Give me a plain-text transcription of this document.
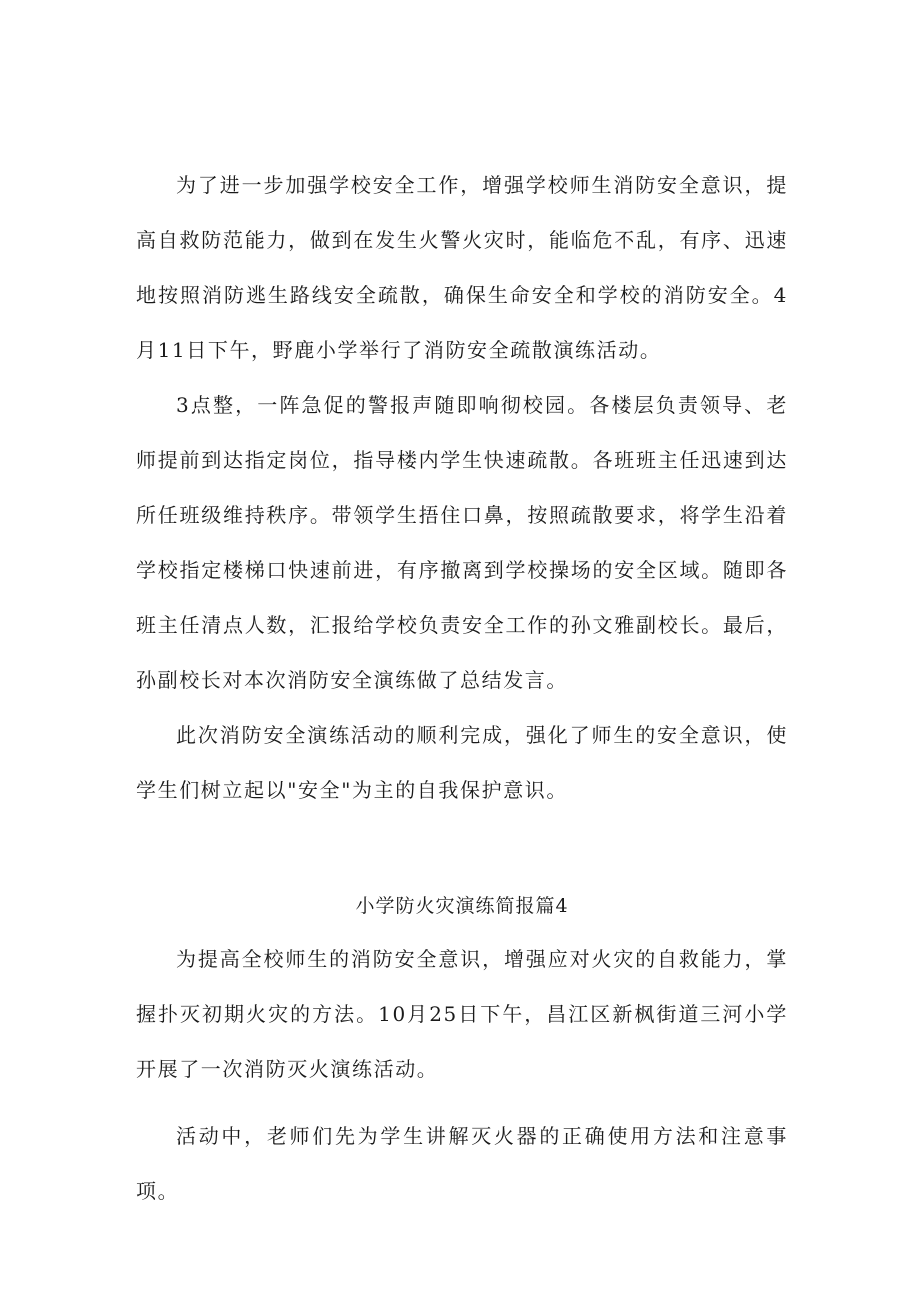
为了进一步加强学校安全工作，增强学校师生消防安全意识，提高自救防范能力，做到在发生火警火灾时，能临危不乱，有序、迅速地按照消防逃生路线安全疏散，确保生命安全和学校的消防安全。4月11日下午，野鹿小学举行了消防安全疏散演练活动。

3点整，一阵急促的警报声随即响彻校园。各楼层负责领导、老师提前到达指定岗位，指导楼内学生快速疏散。各班班主任迅速到达所任班级维持秩序。带领学生捂住口鼻，按照疏散要求，将学生沿着学校指定楼梯口快速前进，有序撤离到学校操场的安全区域。随即各班主任清点人数，汇报给学校负责安全工作的孙文雅副校长。最后，孙副校长对本次消防安全演练做了总结发言。

此次消防安全演练活动的顺利完成，强化了师生的安全意识，使学生们树立起以"安全"为主的自我保护意识。

小学防火灾演练简报篇4

为提高全校师生的消防安全意识，增强应对火灾的自救能力，掌握扑灭初期火灾的方法。10月25日下午，昌江区新枫街道三河小学开展了一次消防灭火演练活动。

活动中，老师们先为学生讲解灭火器的正确使用方法和注意事项。
